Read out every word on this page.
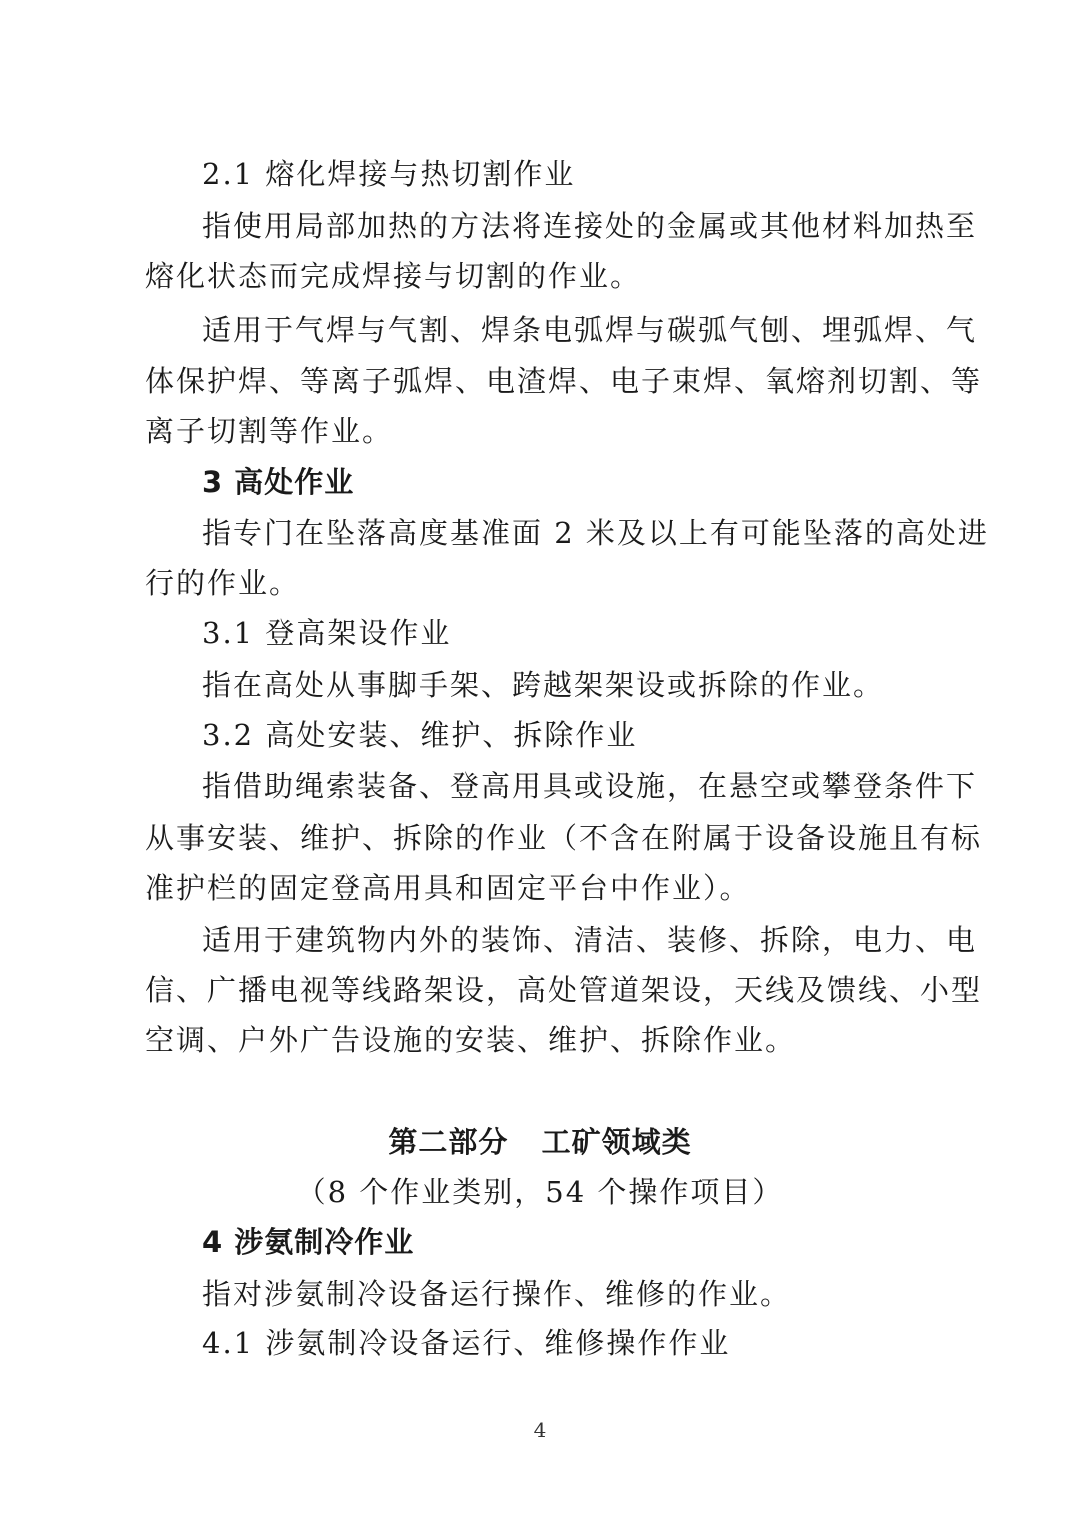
2.1 熔化焊接与热切割作业
指使用局部加热的方法将连接处的金属或其他材料加热至
熔化状态而完成焊接与切割的作业。
适用于气焊与气割、焊条电弧焊与碳弧气刨、埋弧焊、气
体保护焊、等离子弧焊、电渣焊、电子束焊、氧熔剂切割、等
离子切割等作业。
3 高处作业
指专门在坠落高度基准面 2 米及以上有可能坠落的高处进
行的作业。
3.1 登高架设作业
指在高处从事脚手架、跨越架架设或拆除的作业。
3.2 高处安装、维护、拆除作业
指借助绳索装备、登高用具或设施，在悬空或攀登条件下
从事安装、维护、拆除的作业（不含在附属于设备设施且有标
准护栏的固定登高用具和固定平台中作业）。
适用于建筑物内外的装饰、清洁、装修、拆除，电力、电
信、广播电视等线路架设，高处管道架设，天线及馈线、小型
空调、户外广告设施的安装、维护、拆除作业。
第二部分   工矿领域类
（8 个作业类别，54 个操作项目）
4 涉氨制冷作业
指对涉氨制冷设备运行操作、维修的作业。
4.1 涉氨制冷设备运行、维修操作作业
4
